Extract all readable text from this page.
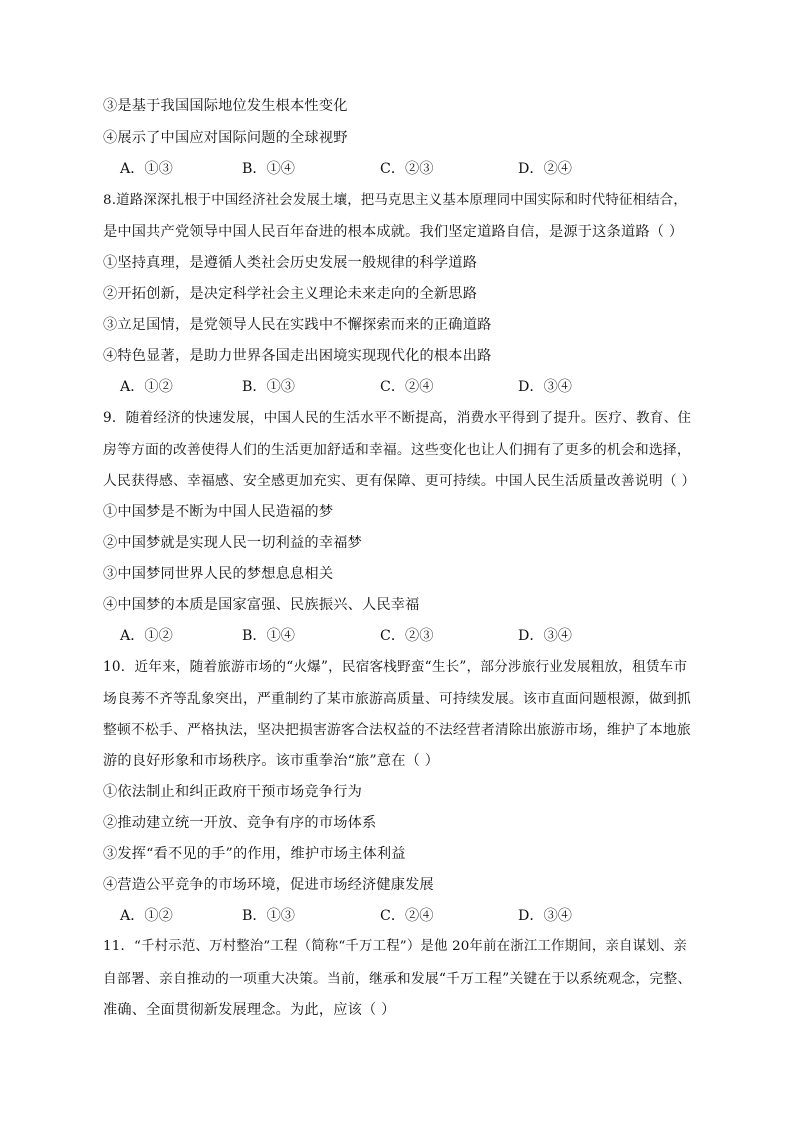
③是基于我国国际地位发生根本性变化
④展示了中国应对国际问题的全球视野
A．①③	B．①④	C．②③	D．②④
8.道路深深扎根于中国经济社会发展土壤，把马克思主义基本原理同中国实际和时代特征相结合，
是中国共产党领导中国人民百年奋进的根本成就。我们坚定道路自信，是源于这条道路（ ）
①坚持真理，是遵循人类社会历史发展一般规律的科学道路
②开拓创新，是决定科学社会主义理论未来走向的全新思路
③立足国情，是党领导人民在实践中不懈探索而来的正确道路
④特色显著，是助力世界各国走出困境实现现代化的根本出路
A．①②	B．①③	C．②④	D．③④
9．随着经济的快速发展，中国人民的生活水平不断提高，消费水平得到了提升。医疗、教育、住
房等方面的改善使得人们的生活更加舒适和幸福。这些变化也让人们拥有了更多的机会和选择，
人民获得感、幸福感、安全感更加充实、更有保障、更可持续。中国人民生活质量改善说明（ ）
①中国梦是不断为中国人民造福的梦
②中国梦就是实现人民一切利益的幸福梦
③中国梦同世界人民的梦想息息相关
④中国梦的本质是国家富强、民族振兴、人民幸福
A．①②	B．①④	C．②③	D．③④
10．近年来，随着旅游市场的“火爆”，民宿客栈野蛮“生长”，部分涉旅行业发展粗放，租赁车市
场良莠不齐等乱象突出，严重制约了某市旅游高质量、可持续发展。该市直面问题根源，做到抓
整顿不松手、严格执法，坚决把损害游客合法权益的不法经营者清除出旅游市场，维护了本地旅
游的良好形象和市场秩序。该市重拳治“旅”意在（ ）
①依法制止和纠正政府干预市场竞争行为
②推动建立统一开放、竞争有序的市场体系
③发挥“看不见的手”的作用，维护市场主体利益
④营造公平竞争的市场环境，促进市场经济健康发展
A．①②	B．①③	C．②④	D．③④
11．“千村示范、万村整治”工程（简称“千万工程”）是他 20年前在浙江工作期间，亲自谋划、亲
自部署、亲自推动的一项重大决策。当前，继承和发展“千万工程”关键在于以系统观念，完整、
准确、全面贯彻新发展理念。为此，应该（ ）
